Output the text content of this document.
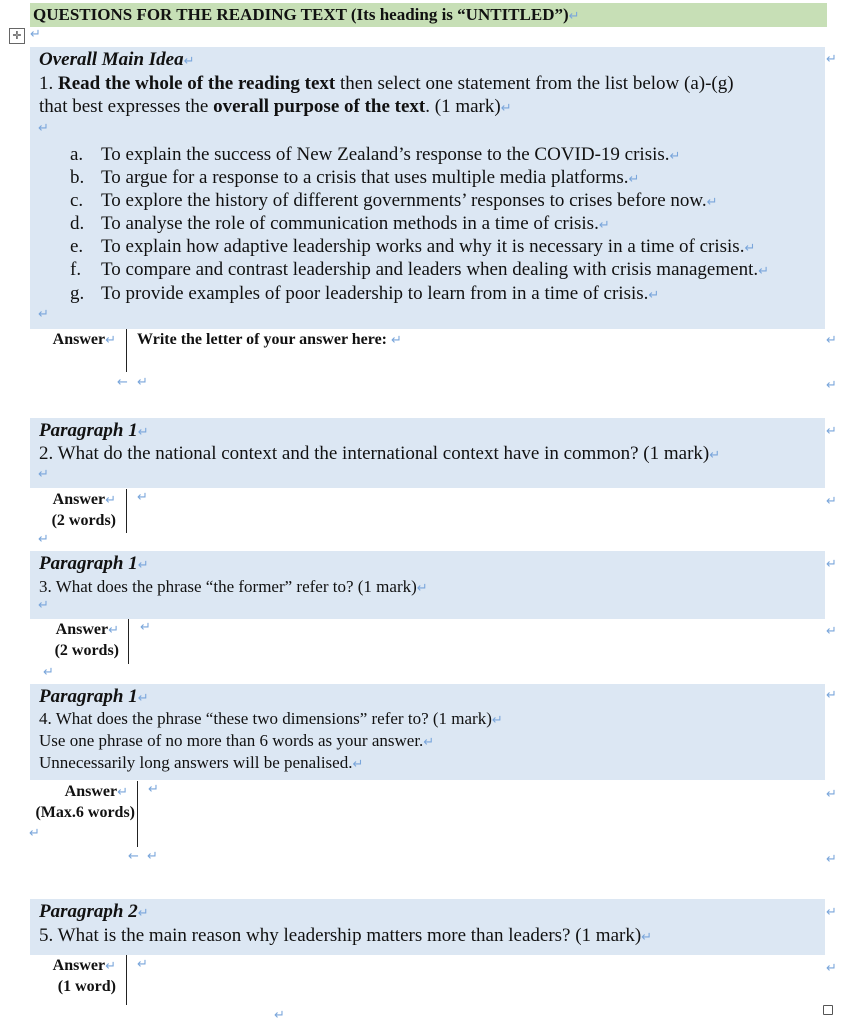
QUESTIONS FOR THE READING TEXT (Its heading is “UNTITLED”)↵
✛ ↵
Overall Main Idea↵
1. Read the whole of the reading text then select one statement from the list below (a)-(g)
that best expresses the overall purpose of the text. (1 mark)↵
↵
a. To explain the success of New Zealand’s response to the COVID-19 crisis.↵
b. To argue for a response to a crisis that uses multiple media platforms.↵
c. To explore the history of different governments’ responses to crises before now.↵
d. To analyse the role of communication methods in a time of crisis.↵
e. To explain how adaptive leadership works and why it is necessary in a time of crisis.↵
f. To compare and contrast leadership and leaders when dealing with crisis management.↵
g. To provide examples of poor leadership to learn from in a time of crisis.↵
↵
Answer↵ Write the letter of your answer here: ↵
← ↵
Paragraph 1↵
2. What do the national context and the international context have in common? (1 mark)↵
↵
Answer↵
(2 words)
↵
↵
Paragraph 1↵
3. What does the phrase “the former” refer to? (1 mark)↵
↵
Answer↵
(2 words)
↵
↵
Paragraph 1↵
4. What does the phrase “these two dimensions” refer to? (1 mark)↵
Use one phrase of no more than 6 words as your answer.↵
Unnecessarily long answers will be penalised.↵
Answer↵
(Max.6 words)
↵
↵
← ↵
Paragraph 2↵
5. What is the main reason why leadership matters more than leaders? (1 mark)↵
Answer↵
(1 word)
↵
↵
↵
↵
↵
↵
↵
↵
↵
↵
↵
↵
↵
↵
